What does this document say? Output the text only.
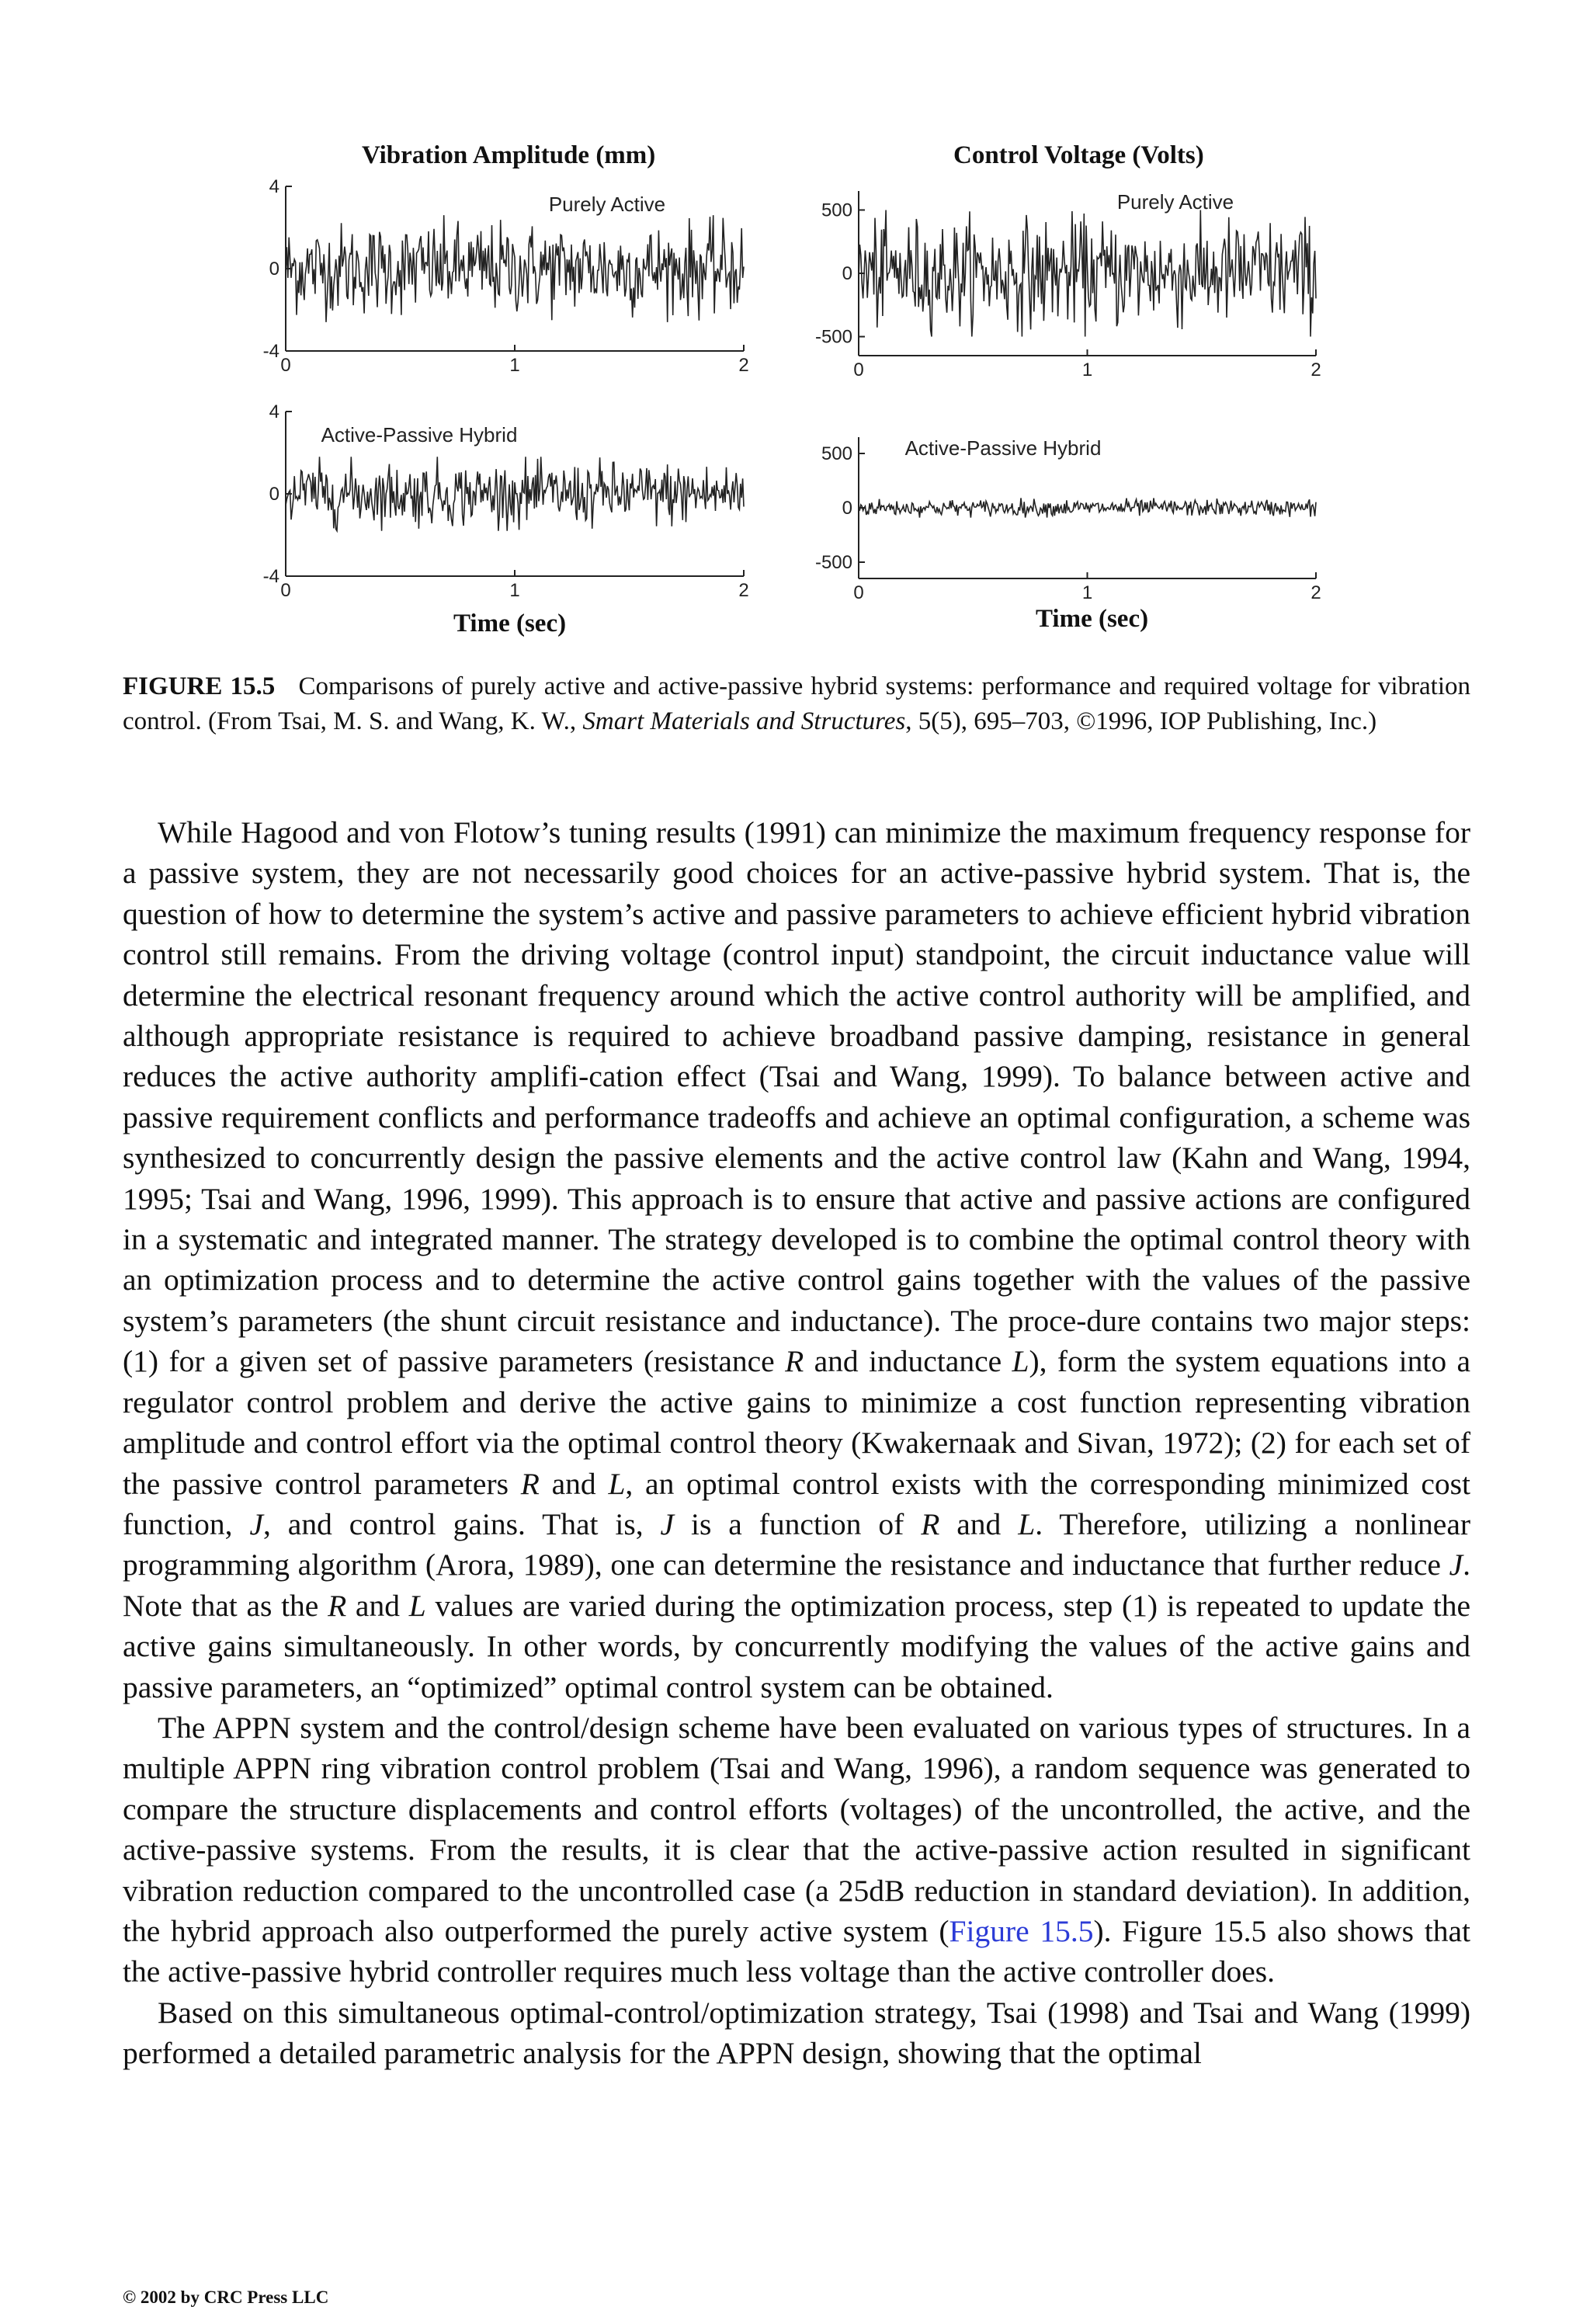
Vibration Amplitude (mm)	Control Voltage (Volts)
Time (sec)	Time (sec)
-4
0
4
0	1	2
Purely Active
-500
0
500
0	1	2
Purely Active
-4
0
4
0	1	2
Active-Passive Hybrid
-500
0
500
0	1	2
Active-Passive Hybrid
FIGURE 15.5 Comparisons of purely active and active-passive hybrid systems: performance and required voltage for vibration control. (From Tsai, M. S. and Wang, K. W., Smart Materials and Structures, 5(5), 695–703, ©1996, IOP Publishing, Inc.)

While Hagood and von Flotow’s tuning results (1991) can minimize the maximum frequency response for a passive system, they are not necessarily good choices for an active-passive hybrid system. That is, the question of how to determine the system’s active and passive parameters to achieve efficient hybrid vibration control still remains. From the driving voltage (control input) standpoint, the circuit inductance value will determine the electrical resonant frequency around which the active control authority will be amplified, and although appropriate resistance is required to achieve broadband passive damping, resistance in general reduces the active authority amplifi-cation effect (Tsai and Wang, 1999). To balance between active and passive requirement conflicts and performance tradeoffs and achieve an optimal configuration, a scheme was synthesized to concurrently design the passive elements and the active control law (Kahn and Wang, 1994, 1995; Tsai and Wang, 1996, 1999). This approach is to ensure that active and passive actions are configured in a systematic and integrated manner. The strategy developed is to combine the optimal control theory with an optimization process and to determine the active control gains together with the values of the passive system’s parameters (the shunt circuit resistance and inductance). The proce-dure contains two major steps: (1) for a given set of passive parameters (resistance R and inductance L), form the system equations into a regulator control problem and derive the active gains to minimize a cost function representing vibration amplitude and control effort via the optimal control theory (Kwakernaak and Sivan, 1972); (2) for each set of the passive control parameters R and L, an optimal control exists with the corresponding minimized cost function, J, and control gains. That is, J is a function of R and L. Therefore, utilizing a nonlinear programming algorithm (Arora, 1989), one can determine the resistance and inductance that further reduce J. Note that as the R and L values are varied during the optimization process, step (1) is repeated to update the active gains simultaneously. In other words, by concurrently modifying the values of the active gains and passive parameters, an “optimized” optimal control system can be obtained.

The APPN system and the control/design scheme have been evaluated on various types of structures. In a multiple APPN ring vibration control problem (Tsai and Wang, 1996), a random sequence was generated to compare the structure displacements and control efforts (voltages) of the uncontrolled, the active, and the active-passive systems. From the results, it is clear that the active-passive action resulted in significant vibration reduction compared to the uncontrolled case (a 25dB reduction in standard deviation). In addition, the hybrid approach also outperformed the purely active system (Figure 15.5). Figure 15.5 also shows that the active-passive hybrid controller requires much less voltage than the active controller does.

Based on this simultaneous optimal-control/optimization strategy, Tsai (1998) and Tsai and Wang (1999) performed a detailed parametric analysis for the APPN design, showing that the optimal

© 2002 by CRC Press LLC
